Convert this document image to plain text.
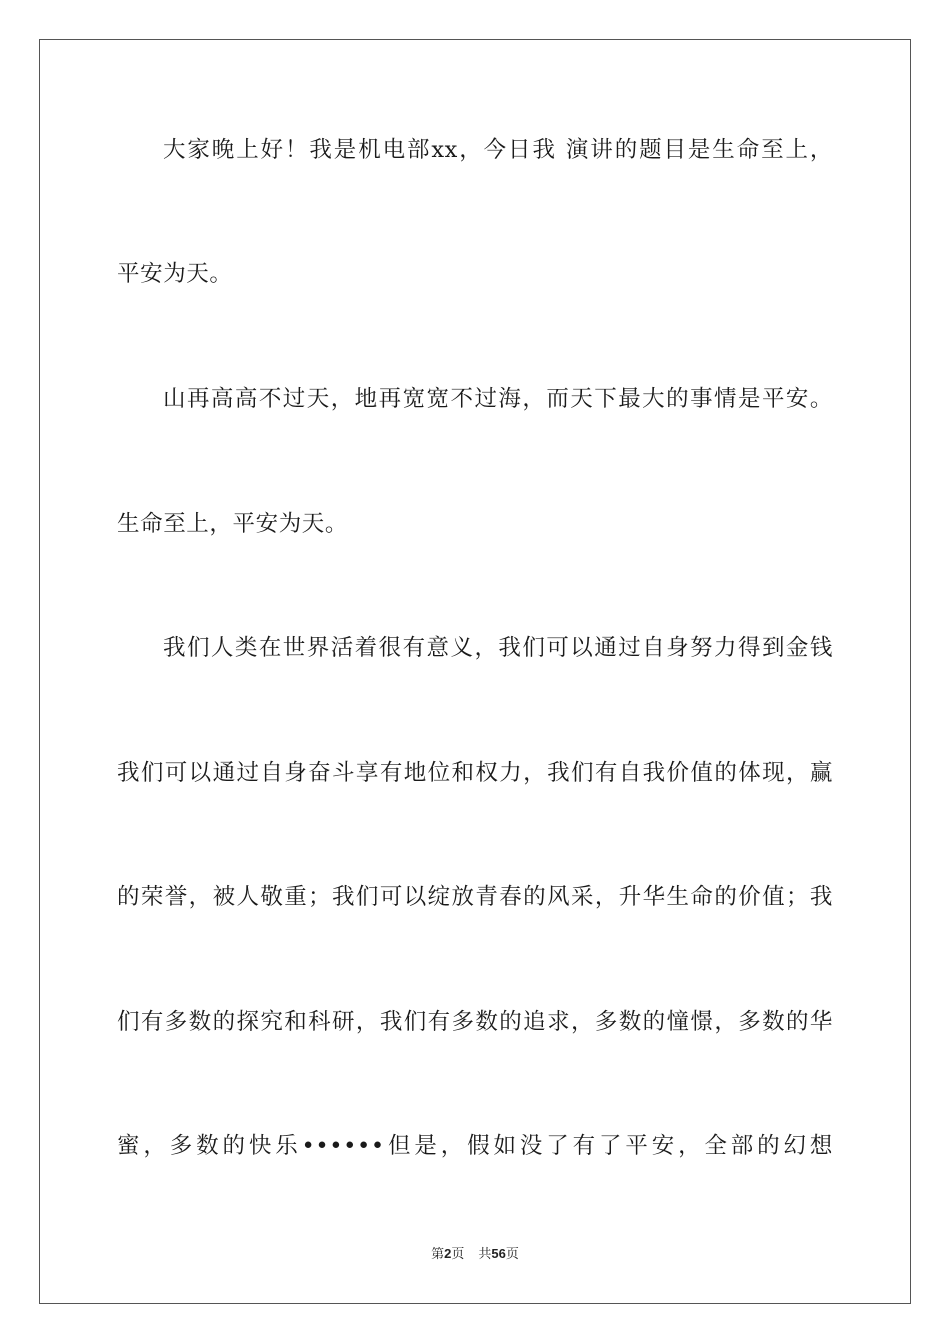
大家晚上好！我是机电部xx，今日我 演讲的题目是生命至上，
平安为天。
山再高高不过天，地再宽宽不过海，而天下最大的事情是平安。
生命至上，平安为天。
我们人类在世界活着很有意义，我们可以通过自身努力得到金钱
我们可以通过自身奋斗享有地位和权力，我们有自我价值的体现，赢
的荣誉，被人敬重；我们可以绽放青春的风采，升华生命的价值；我
们有多数的探究和科研，我们有多数的追求，多数的憧憬，多数的华
蜜，多数的快乐••••••但是，假如没了有了平安，全部的幻想
第2页 共56页
